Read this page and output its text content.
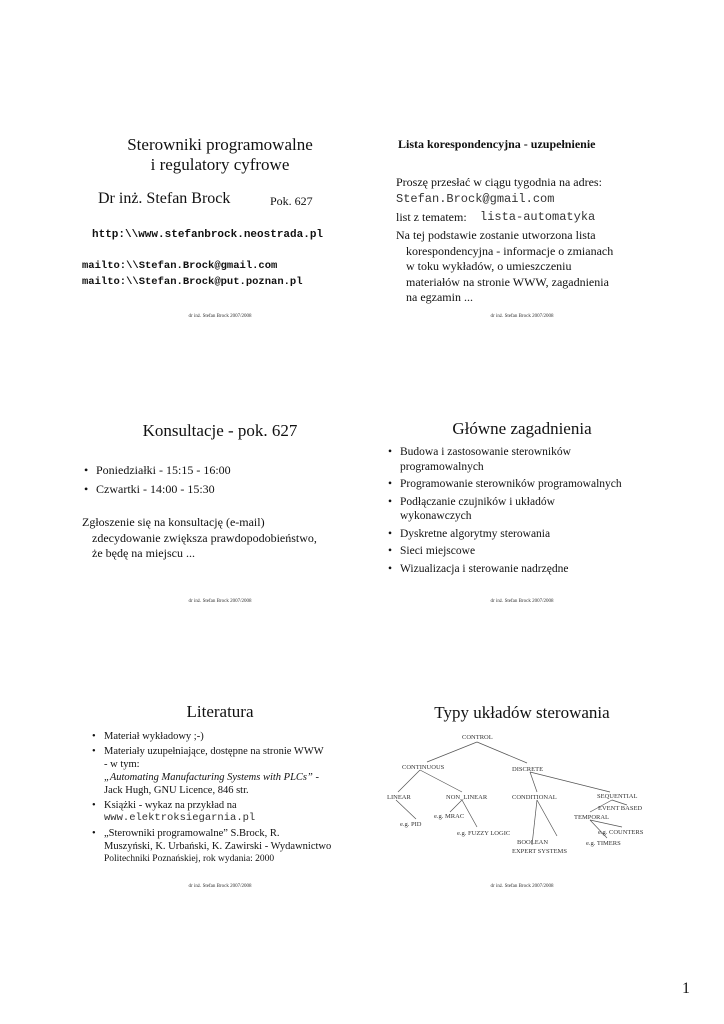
Sterowniki programowalne
i regulatory cyfrowe
Dr inż. Stefan Brock	Pok. 627
http:\\www.stefanbrock.neostrada.pl
mailto:\\Stefan.Brock@gmail.com
mailto:\\Stefan.Brock@put.poznan.pl
dr inż. Stefan Brock 2007/2008
Lista korespondencyjna - uzupełnienie
Proszę przesłać w ciągu tygodnia na adres:
Stefan.Brock@gmail.com
list z tematem: lista-automatyka
Na tej podstawie zostanie utworzona lista
korespondencyjna - informacje o zmianach
w toku wykładów, o umieszczeniu
materiałów na stronie WWW, zagadnienia
na egzamin ...
dr inż. Stefan Brock 2007/2008
Konsultacje - pok. 627
• Poniedziałki - 15:15 - 16:00
• Czwartki - 14:00 - 15:30
Zgłoszenie się na konsultację (e-mail)
zdecydowanie zwiększa prawdopodobieństwo,
że będę na miejscu ...
dr inż. Stefan Brock 2007/2008
Główne zagadnienia
• Budowa i zastosowanie sterowników
programowalnych
• Programowanie sterowników programowalnych
• Podłączanie czujników i układów
wykonawczych
• Dyskretne algorytmy sterowania
• Sieci miejscowe
• Wizualizacja i sterowanie nadrzędne
dr inż. Stefan Brock 2007/2008
Literatura
• Materiał wykładowy ;-)
• Materiały uzupełniające, dostępne na stronie WWW
- w tym:
„Automating Manufacturing Systems with PLCs” -
Jack Hugh, GNU Licence, 846 str.
• Książki - wykaz na przykład na
www.elektroksiegarnia.pl
• „Sterowniki programowalne” S.Brock, R.
Muszyński, K. Urbański, K. Zawirski - Wydawnictwo
Politechniki Poznańskiej, rok wydania: 2000
dr inż. Stefan Brock 2007/2008
Typy układów sterowania
CONTROL
CONTINUOUS	DISCRETE
LINEAR	NON_LINEAR	CONDITIONAL	SEQUENTIAL
e.g. PID
e.g. MRAC
e.g. FUZZY LOGIC
BOOLEAN
EXPERT SYSTEMS
TEMPORAL
EVENT BASED
e.g. COUNTERS
e.g. TIMERS
dr inż. Stefan Brock 2007/2008
1
